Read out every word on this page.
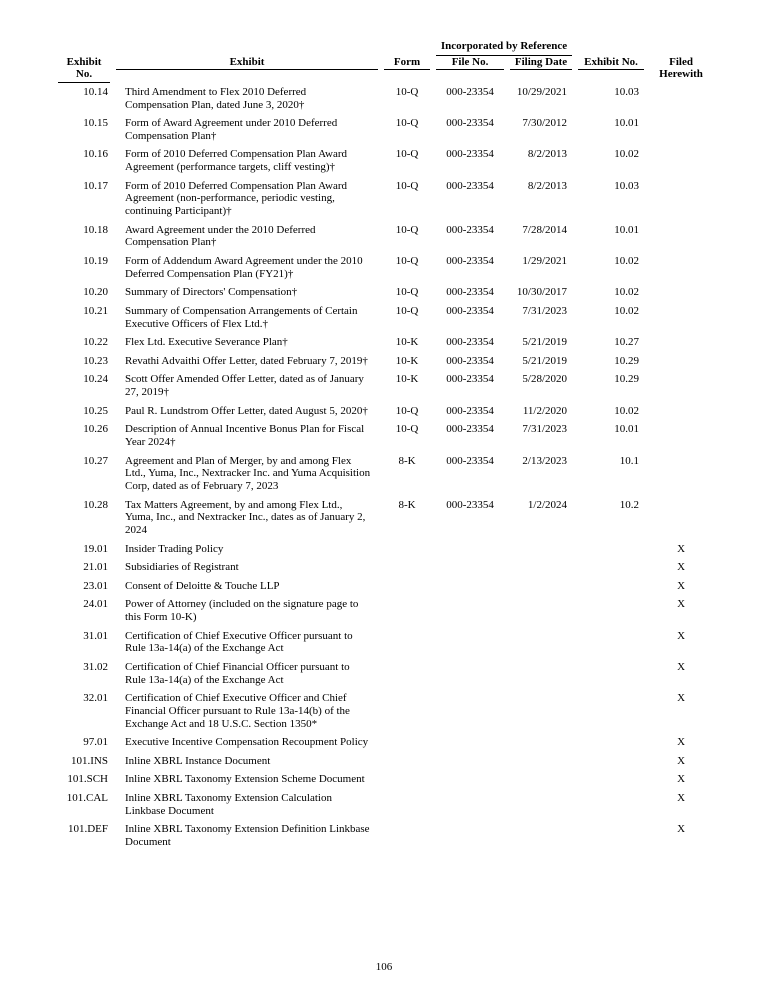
			Incorporated by Reference			Filed Herewith

Exhibit No.	Exhibit	Form	File No.	Filing Date	Exhibit No.	

10.14	Third Amendment to Flex 2010 Deferred Compensation Plan, dated June 3, 2020†	10-Q	000-23354	10/29/2021	10.03	
10.15	Form of Award Agreement under 2010 Deferred Compensation Plan†	10-Q	000-23354	7/30/2012	10.01	
10.16	Form of 2010 Deferred Compensation Plan Award Agreement (performance targets, cliff vesting)†	10-Q	000-23354	8/2/2013	10.02	
10.17	Form of 2010 Deferred Compensation Plan Award Agreement (non-performance, periodic vesting, continuing Participant)†	10-Q	000-23354	8/2/2013	10.03	
10.18	Award Agreement under the 2010 Deferred Compensation Plan†	10-Q	000-23354	7/28/2014	10.01	
10.19	Form of Addendum Award Agreement under the 2010 Deferred Compensation Plan (FY21)†	10-Q	000-23354	1/29/2021	10.02	
10.20	Summary of Directors' Compensation†	10-Q	000-23354	10/30/2017	10.02	
10.21	Summary of Compensation Arrangements of Certain Executive Officers of Flex Ltd.†	10-Q	000-23354	7/31/2023	10.02	
10.22	Flex Ltd. Executive Severance Plan†	10-K	000-23354	5/21/2019	10.27	
10.23	Revathi Advaithi Offer Letter, dated February 7, 2019†	10-K	000-23354	5/21/2019	10.29	
10.24	Scott Offer Amended Offer Letter, dated as of January 27, 2019†	10-K	000-23354	5/28/2020	10.29	
10.25	Paul R. Lundstrom Offer Letter, dated August 5, 2020†	10-Q	000-23354	11/2/2020	10.02	
10.26	Description of Annual Incentive Bonus Plan for Fiscal Year 2024†	10-Q	000-23354	7/31/2023	10.01	
10.27	Agreement and Plan of Merger, by and among Flex Ltd., Yuma, Inc., Nextracker Inc. and Yuma Acquisition Corp, dated as of February 7, 2023	8-K	000-23354	2/13/2023	10.1	
10.28	Tax Matters Agreement, by and among Flex Ltd., Yuma, Inc., and Nextracker Inc., dates as of January 2, 2024	8-K	000-23354	1/2/2024	10.2	
19.01	Insider Trading Policy					X
21.01	Subsidiaries of Registrant					X
23.01	Consent of Deloitte & Touche LLP					X
24.01	Power of Attorney (included on the signature page to this Form 10-K)					X
31.01	Certification of Chief Executive Officer pursuant to Rule 13a-14(a) of the Exchange Act					X
31.02	Certification of Chief Financial Officer pursuant to Rule 13a-14(a) of the Exchange Act					X
32.01	Certification of Chief Executive Officer and Chief Financial Officer pursuant to Rule 13a-14(b) of the Exchange Act and 18 U.S.C. Section 1350*					X
97.01	Executive Incentive Compensation Recoupment Policy					X
101.INS	Inline XBRL Instance Document					X
101.SCH	Inline XBRL Taxonomy Extension Scheme Document					X
101.CAL	Inline XBRL Taxonomy Extension Calculation Linkbase Document					X
101.DEF	Inline XBRL Taxonomy Extension Definition Linkbase Document					X
106
